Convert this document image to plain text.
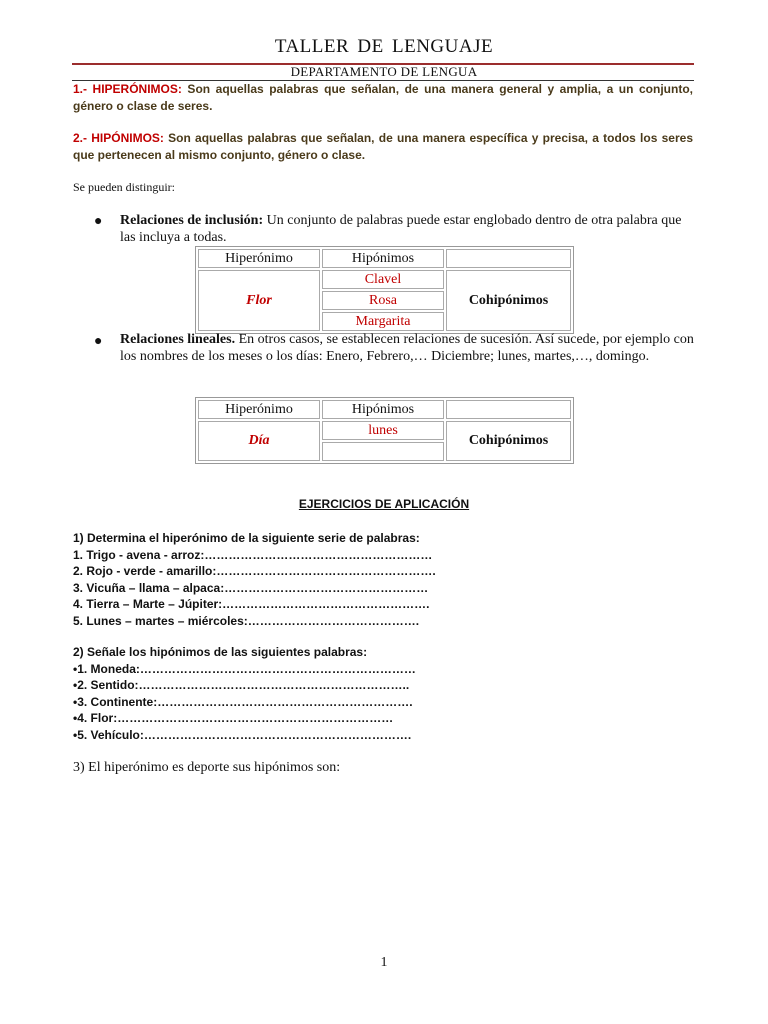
TALLER DE LENGUAJE
DEPARTAMENTO DE LENGUA
1.- HIPERÓNIMOS: Son aquellas palabras que señalan, de una manera general y amplia, a un conjunto, género o clase de seres.
2.- HIPÓNIMOS: Son aquellas palabras que señalan, de una manera específica y precisa, a todos los seres que pertenecen al mismo conjunto, género o clase.
Se pueden distinguir:
● Relaciones de inclusión: Un conjunto de palabras puede estar englobado dentro de otra palabra que las incluya a todas.
Hiperónimo	Hipónimos	
Flor	Clavel	Cohipónimos
	Rosa	
	Margarita	
● Relaciones lineales. En otros casos, se establecen relaciones de sucesión. Así sucede, por ejemplo con los nombres de los meses o los días: Enero, Febrero,… Diciembre; lunes, martes,…, domingo.
Hiperónimo	Hipónimos	
Día	lunes	Cohipónimos

EJERCICIOS DE APLICACIÓN
1) Determina el hiperónimo de la siguiente serie de palabras:
1. Trigo - avena - arroz:…………………………………………………
2. Rojo - verde - amarillo:……………………………………………….
3. Vicuña – llama – alpaca:……………………………………………
4. Tierra – Marte – Júpiter:…………………………………………….
5. Lunes – martes – miércoles:…………………………………….
2) Señale los hipónimos de las siguientes palabras:
•1. Moneda:……………………………………………………………
•2. Sentido:…………………………………………………………..
•3. Continente:……………………………………………………….
•4. Flor:……………………………………………………………
•5. Vehículo:………………………………………………………….
3) El hiperónimo es deporte sus hipónimos son:
1
